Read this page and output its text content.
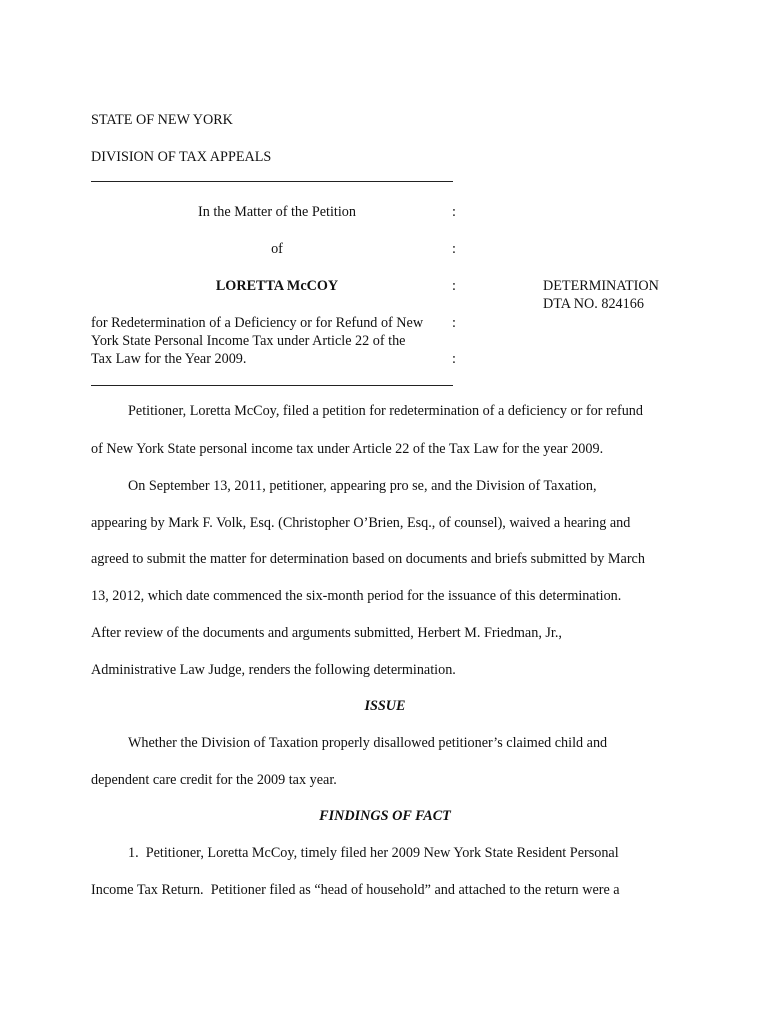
STATE OF NEW YORK
DIVISION OF TAX APPEALS
In the Matter of the Petition	:
of	:
LORETTA McCOY	:	DETERMINATION
DTA NO. 824166
for Redetermination of a Deficiency or for Refund of New :
York State Personal Income Tax under Article 22 of the
Tax Law for the Year 2009.	:
Petitioner, Loretta McCoy, filed a petition for redetermination of a deficiency or for refund
of New York State personal income tax under Article 22 of the Tax Law for the year 2009.
On September 13, 2011, petitioner, appearing pro se, and the Division of Taxation,
appearing by Mark F. Volk, Esq. (Christopher O’Brien, Esq., of counsel), waived a hearing and
agreed to submit the matter for determination based on documents and briefs submitted by March
13, 2012, which date commenced the six-month period for the issuance of this determination.
After review of the documents and arguments submitted, Herbert M. Friedman, Jr.,
Administrative Law Judge, renders the following determination.
ISSUE
Whether the Division of Taxation properly disallowed petitioner’s claimed child and
dependent care credit for the 2009 tax year.
FINDINGS OF FACT
1.  Petitioner, Loretta McCoy, timely filed her 2009 New York State Resident Personal
Income Tax Return.  Petitioner filed as “head of household” and attached to the return were a
